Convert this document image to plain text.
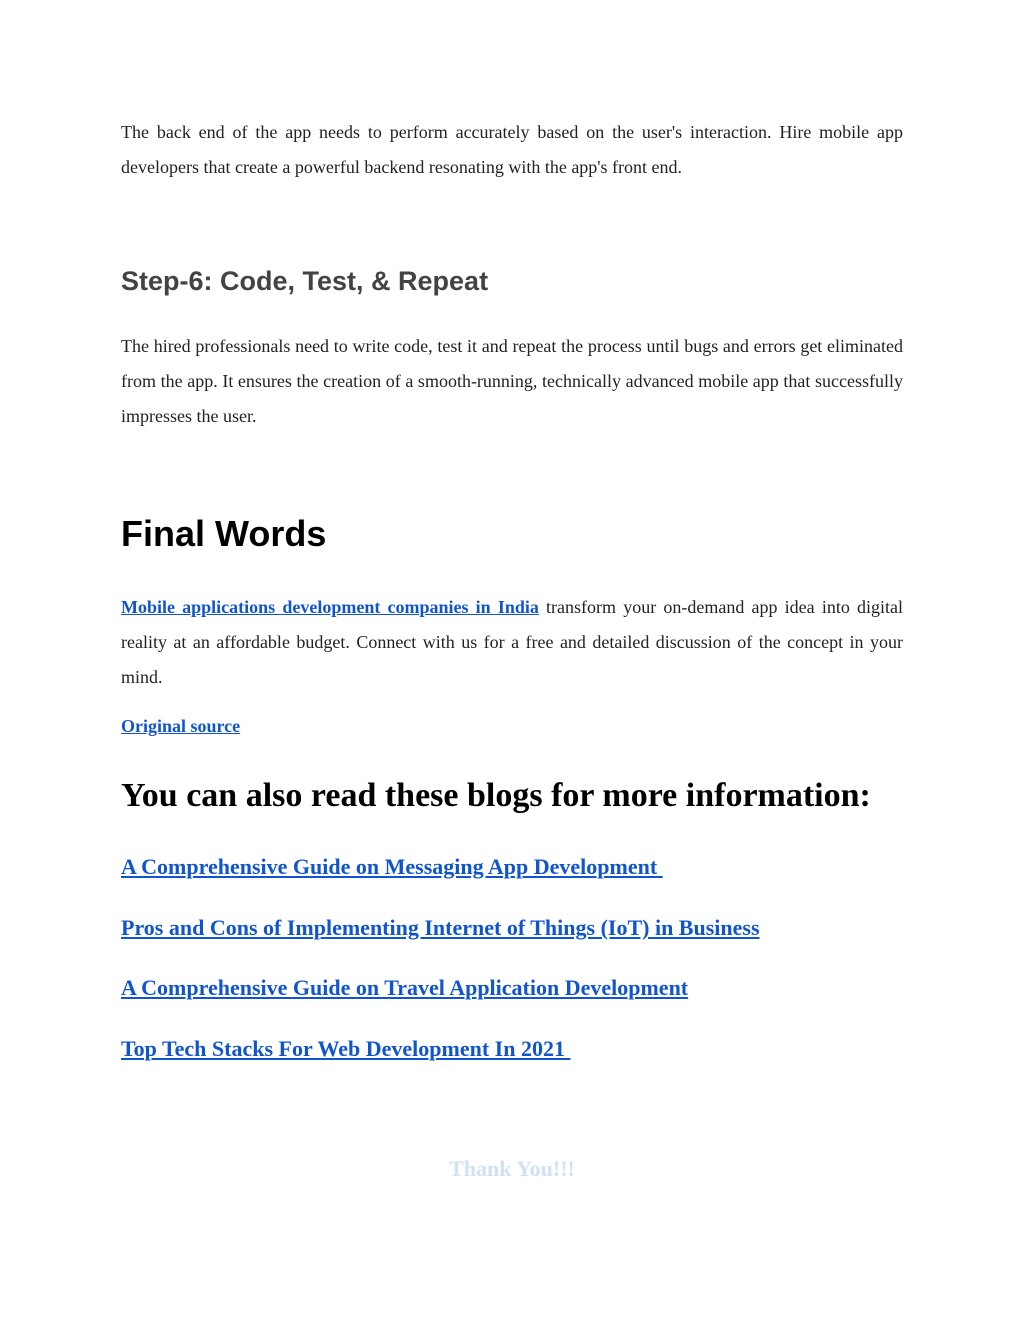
The back end of the app needs to perform accurately based on the user's interaction. Hire mobile app developers that create a powerful backend resonating with the app's front end.

Step-6: Code, Test, & Repeat

The hired professionals need to write code, test it and repeat the process until bugs and errors get eliminated from the app. It ensures the creation of a smooth-running, technically advanced mobile app that successfully impresses the user.

Final Words

Mobile applications development companies in India transform your on-demand app idea into digital reality at an affordable budget. Connect with us for a free and detailed discussion of the concept in your mind.

Original source
You can also read these blogs for more information:
A Comprehensive Guide on Messaging App Development
Pros and Cons of Implementing Internet of Things (IoT) in Business
A Comprehensive Guide on Travel Application Development
Top Tech Stacks For Web Development In 2021

Thank You!!!
